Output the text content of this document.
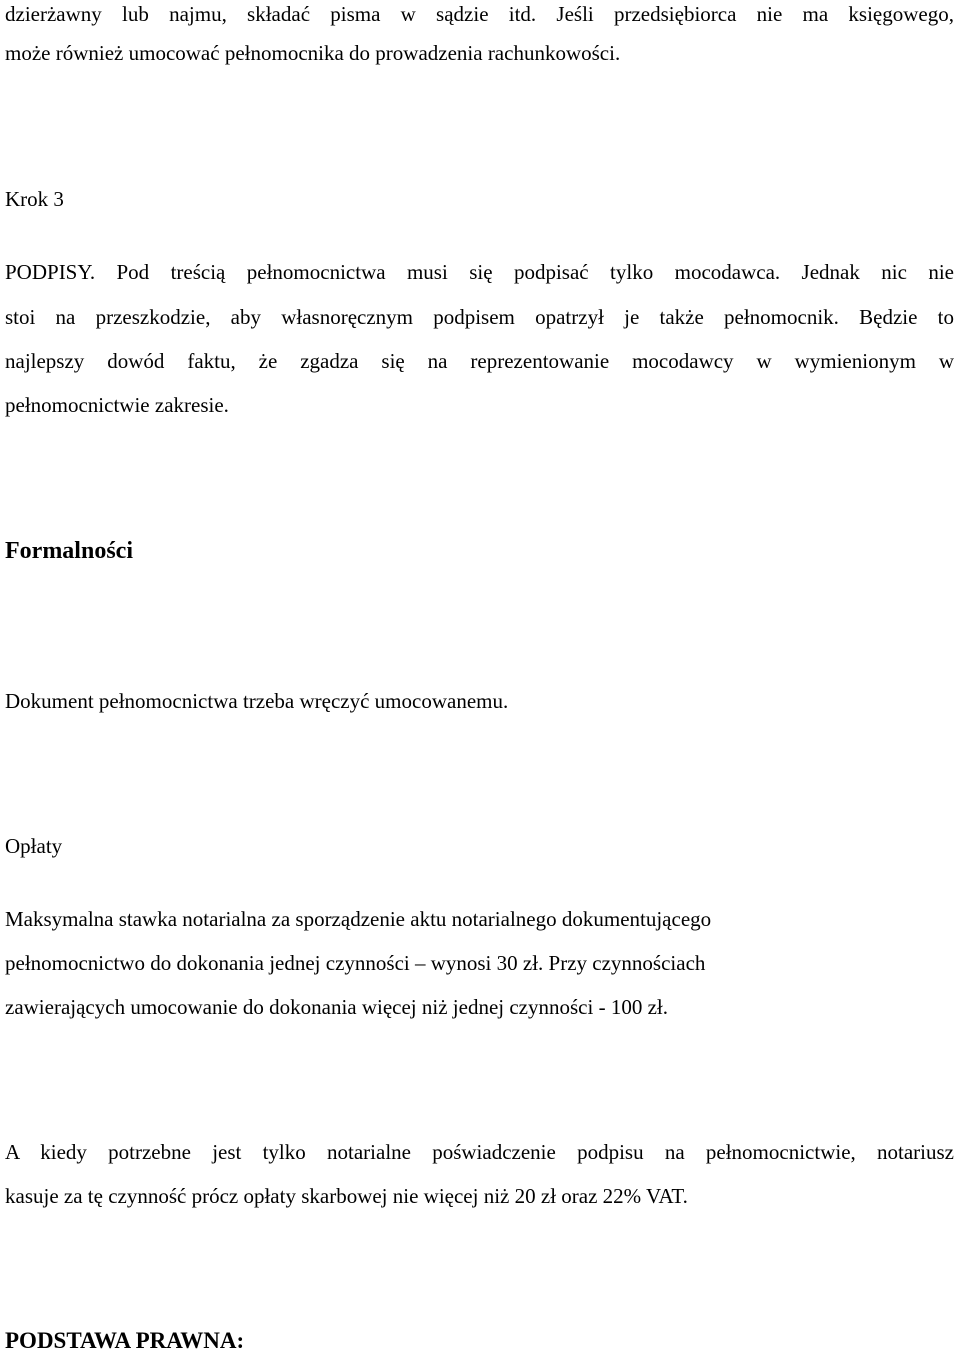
dzierżawny lub najmu, składać pisma w sądzie itd. Jeśli przedsiębiorca nie ma księgowego,

może również umocować pełnomocnika do prowadzenia rachunkowości.

Krok 3

PODPISY. Pod treścią pełnomocnictwa musi się podpisać tylko mocodawca. Jednak nic nie

stoi na przeszkodzie, aby własnoręcznym podpisem opatrzył je także pełnomocnik. Będzie to

najlepszy dowód faktu, że zgadza się na reprezentowanie mocodawcy w wymienionym w

pełnomocnictwie zakresie.

Formalności

Dokument pełnomocnictwa trzeba wręczyć umocowanemu.

Opłaty

Maksymalna stawka notarialna za sporządzenie aktu notarialnego dokumentującego

pełnomocnictwo do dokonania jednej czynności – wynosi 30 zł. Przy czynnościach

zawierających umocowanie do dokonania więcej niż jednej czynności - 100 zł.

A kiedy potrzebne jest tylko notarialne poświadczenie podpisu na pełnomocnictwie, notariusz

kasuje za tę czynność prócz opłaty skarbowej nie więcej niż 20 zł oraz 22% VAT.

PODSTAWA PRAWNA:
